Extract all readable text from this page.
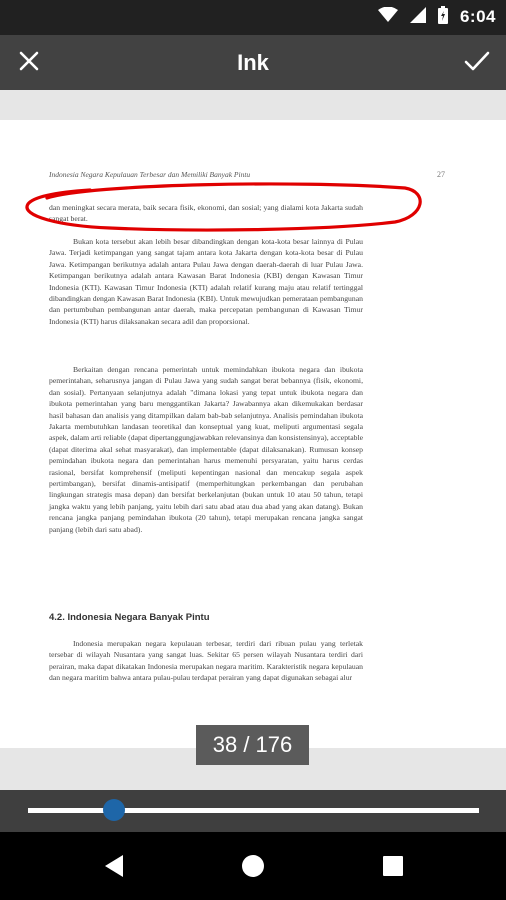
6:04
Ink
Indonesia Negara Kepulauan Terbesar dan Memiliki Banyak Pintu	27
dan meningkat secara merata, baik secara fisik, ekonomi, dan sosial; yang dialami kota Jakarta sudah sangat berat.
Bukan kota tersebut akan lebih besar dibandingkan dengan kota-kota besar lainnya di Pulau Jawa. Terjadi ketimpangan yang sangat tajam antara kota Jakarta dengan kota-kota besar di Pulau Jawa. Ketimpangan berikutnya adalah antara Pulau Jawa dengan daerah-daerah di luar Pulau Jawa. Ketimpangan berikutnya adalah antara Kawasan Barat Indonesia (KBI) dengan Kawasan Timur Indonesia (KTI). Kawasan Timur Indonesia (KTI) adalah relatif kurang maju atau relatif tertinggal dibandingkan dengan Kawasan Barat Indonesia (KBI). Untuk mewujudkan pemerataan pembangunan dan pertumbuhan pembangunan antar daerah, maka percepatan pembangunan di Kawasan Timur Indonesia (KTI) harus dilaksanakan secara adil dan proporsional.
Berkaitan dengan rencana pemerintah untuk memindahkan ibukota negara dan ibukota pemerintahan, seharusnya jangan di Pulau Jawa yang sudah sangat berat bebannya (fisik, ekonomi, dan sosial). Pertanyaan selanjutnya adalah "dimana lokasi yang tepat untuk ibukota negara dan ibukota pemerintahan yang baru menggantikan Jakarta? Jawabannya akan dikemukakan berdasar hasil bahasan dan analisis yang ditampilkan dalam bab-bab selanjutnya. Analisis pemindahan ibukota Jakarta membutuhkan landasan teoretikal dan konseptual yang kuat, meliputi argumentasi segala aspek, dalam arti reliable (dapat dipertanggungjawabkan relevansinya dan konsistensinya), acceptable (dapat diterima akal sehat masyarakat), dan implementable (dapat dilaksanakan). Rumusan konsep pemindahan ibukota negara dan pemerintahan harus memenuhi persyaratan, yaitu harus cerdas rasional, bersifat komprehensif (meliputi kepentingan nasional dan mencakup segala aspek pertimbangan), bersifat dinamis-antisipatif (memperhitungkan perkembangan dan perubahan lingkungan strategis masa depan) dan bersifat berkelanjutan (bukan untuk 10 atau 50 tahun, tetapi jangka waktu yang lebih panjang, yaitu lebih dari satu abad atau dua abad yang akan datang). Bukan rencana jangka panjang pemindahan ibukota (20 tahun), tetapi merupakan rencana jangka sangat panjang (lebih dari satu abad).
4.2. Indonesia Negara Banyak Pintu
Indonesia merupakan negara kepulauan terbesar, terdiri dari ribuan pulau yang terletak tersebar di wilayah Nusantara yang sangat luas. Sekitar 65 persen wilayah Nusantara terdiri dari perairan, maka dapat dikatakan Indonesia merupakan negara maritim. Karakteristik negara kepulauan dan negara maritim bahwa antara pulau-pulau terdapat perairan yang dapat digunakan sebagai alur
38 / 176
